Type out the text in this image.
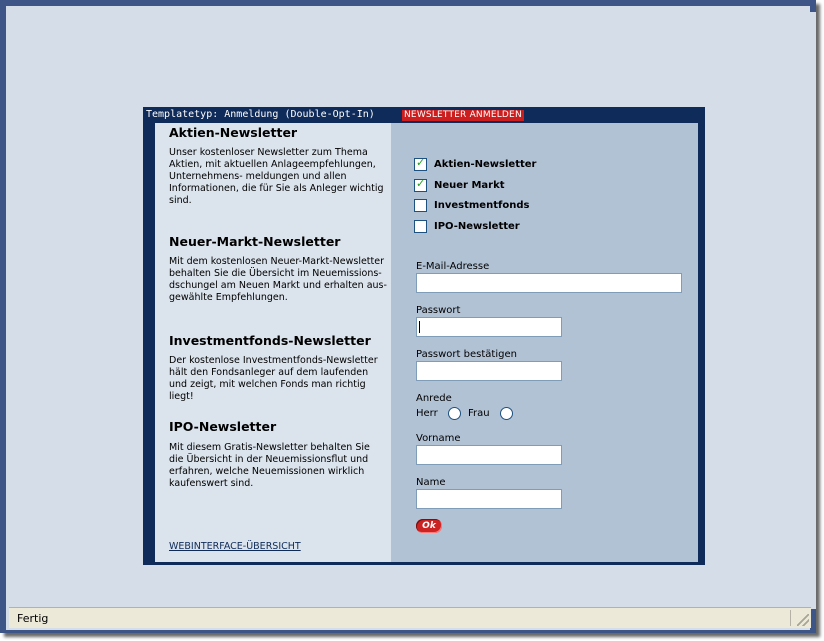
Templatetyp: Anmeldung (Double-Opt-In)	NEWSLETTER ANMELDEN
Aktien-Newsletter
Unser kostenloser Newsletter zum Thema Aktien, mit aktuellen Anlageempfehlungen, Unternehmens- meldungen und allen Informationen, die für Sie als Anleger wichtig sind.
Neuer-Markt-Newsletter
Mit dem kostenlosen Neuer-Markt-Newsletter behalten Sie die Übersicht im Neuemissions- dschungel am Neuen Markt und erhalten aus- gewählte Empfehlungen.
Investmentfonds-Newsletter
Der kostenlose Investmentfonds-Newsletter hält den Fondsanleger auf dem laufenden und zeigt, mit welchen Fonds man richtig liegt!
IPO-Newsletter
Mit diesem Gratis-Newsletter behalten Sie die Übersicht in der Neuemissionsflut und erfahren, welche Neuemissionen wirklich kaufenswert sind.
WEBINTERFACE-ÜBERSICHT
✓ Aktien-Newsletter
✓ Neuer Markt
Investmentfonds
IPO-Newsletter
E-Mail-Adresse
Passwort
Passwort bestätigen
Anrede
Herr	Frau
Vorname
Name
Ok
Fertig
